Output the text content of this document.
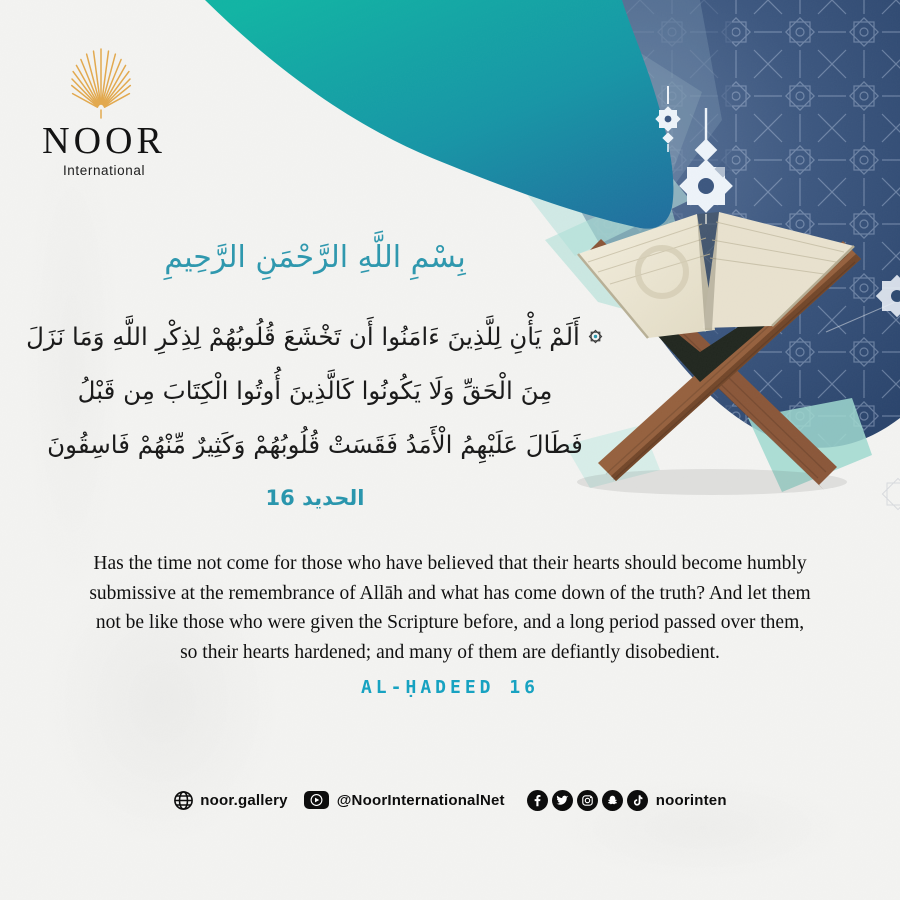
NOOR
International
بِسْمِ اللَّهِ الرَّحْمَنِ الرَّحِيمِ
أَلَمْ يَأْنِ لِلَّذِينَ ءَامَنُوا أَن تَخْشَعَ قُلُوبُهُمْ لِذِكْرِ اللَّهِ وَمَا نَزَلَ
مِنَ الْحَقِّ وَلَا يَكُونُوا كَالَّذِينَ أُوتُوا الْكِتَابَ مِن قَبْلُ
فَطَالَ عَلَيْهِمُ الْأَمَدُ فَقَسَتْ قُلُوبُهُمْ وَكَثِيرٌ مِّنْهُمْ فَاسِقُونَ
الحديد 16
Has the time not come for those who have believed that their hearts should become humbly
submissive at the remembrance of Allāh and what has come down of the truth? And let them
not be like those who were given the Scripture before, and a long period passed over them,
so their hearts hardened; and many of them are defiantly disobedient.
AL-ḤADEED 16
noor.gallery	@NoorInternationalNet	noorinten
